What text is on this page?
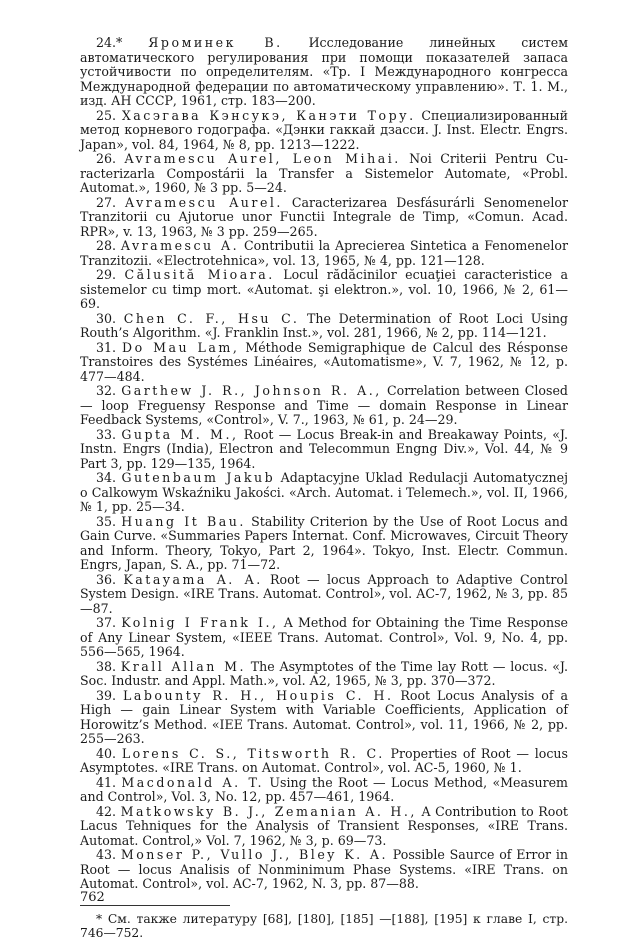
24.* Яроминек В. Исследование линейных систем автоматического регулирования при помощи показателей запаса устойчивости по определителям. «Тр. I Международного конгресса Международной федерации по автоматическому управлению». Т. 1. М., изд. АН СССР, 1961, стр. 183—200.

25. Хасэгава Кэнсукэ, Канэти Тору. Специализированный метод корневого годографа. «Дэнки гаккай дзасси. J. Inst. Electr. Engrs. Japan», vol. 84, 1964, № 8, pp. 1213—1222.

26. Avramescu Aurel, Leon Mihai. Noi Criterii Pentru Curacterizarla Compostárii la Transfer a Sistemelor Automate, «Probl. Automat.», 1960, № 3 pp. 5—24.

27. Avramescu Aurel. Caracterizarea Desfásurárli Senomenelor Tranzitorii cu Ajutorue unor Functii Integrale de Timp, «Comun. Acad. RPR», v. 13, 1963, № 3 pp. 259—265.

28. Avramescu A. Contributii la Aprecierea Sintetica a Fenomenelor Tranzitozii. «Electrotehnica», vol. 13, 1965, № 4, pp. 121—128.

29. Călusită Mioara. Locul rădăcinilor ecuaţiei caracteristice a sistemelor cu timp mort. «Automat. şi elektron.», vol. 10, 1966, № 2, 61—69.

30. Chen C. F., Hsu C. The Determination of Root Loci Using Routh’s Algorithm. «J. Franklin Inst.», vol. 281, 1966, № 2, pp. 114—121.

31. Do Mau Lam, Méthode Semigraphique de Calcul des Résponse Transtoires des Systémes Linéaires, «Automatisme», V. 7, 1962, № 12, p. 477—484.

32. Garthew J. R., Johnson R. A., Correlation between Closed — loop Freguensy Response and Time — domain Response in Linear Feedback Systems, «Control», V. 7., 1963, № 61, p. 24—29.

33. Gupta M. M., Root — Locus Break-in and Breakaway Points, «J. Instn. Engrs (India), Electron and Telecommun Engng Div.», Vol. 44, № 9 Part 3, pp. 129—135, 1964.

34. Gutenbaum Jakub Adaptacyjne Uklad Redulacji Automatycznej o Calkowym Wskaźniku Jakości. «Arch. Automat. i Telemech.», vol. II, 1966, № 1, pp. 25—34.

35. Huang It Bau. Stability Criterion by the Use of Root Locus and Gain Curve. «Summaries Papers Internat. Conf. Microwaves, Circuit Theory and Inform. Theory, Tokyo, Part 2, 1964». Tokyo, Inst. Electr. Commun. Engrs, Japan, S. A., pp. 71—72.

36. Katayama A. A. Root — locus Approach to Adaptive Control System Design. «IRE Trans. Automat. Control», vol. AC-7, 1962, № 3, pp. 85—87.

37. Kolnig I Frank I., A Method for Obtaining the Time Response of Any Linear System, «IEEE Trans. Automat. Control», Vol. 9, No. 4, pp. 556—565, 1964.

38. Krall Allan M. The Asymptotes of the Time lay Rott — locus. «J. Soc. Industr. and Appl. Math.», vol. A2, 1965, № 3, pp. 370—372.

39. Labounty R. H., Houpis C. H. Root Locus Analysis of a High — gain Linear System with Variable Coefficients, Application of Horowitz’s Method. «IEE Trans. Automat. Control», vol. 11, 1966, № 2, pp. 255—263.

40. Lorens C. S., Titsworth R. C. Properties of Root — locus Asymptotes. «IRE Trans. on Automat. Control», vol. AC-5, 1960, № 1.

41. Macdonald A. T. Using the Root — Locus Method, «Measurem and Control», Vol. 3, No. 12, pp. 457—461, 1964.

42. Matkowsky B. J., Zemanian A. H., A Contribution to Root Lacus Tehniques for the Analysis of Transient Responses, «IRE Trans. Automat. Control,» Vol. 7, 1962, № 3, p. 69—73.

43. Monser P., Vullo J., Bley K. A. Possible Saurce of Error in Root — locus Analisis of Nonminimum Phase Systems. «IRE Trans. on Automat. Control», vol. AC-7, 1962, N. 3, pp. 87—88.

* См. также литературу [68], [180], [185] —[188], [195] к главе I, стр. 746—752.

762
